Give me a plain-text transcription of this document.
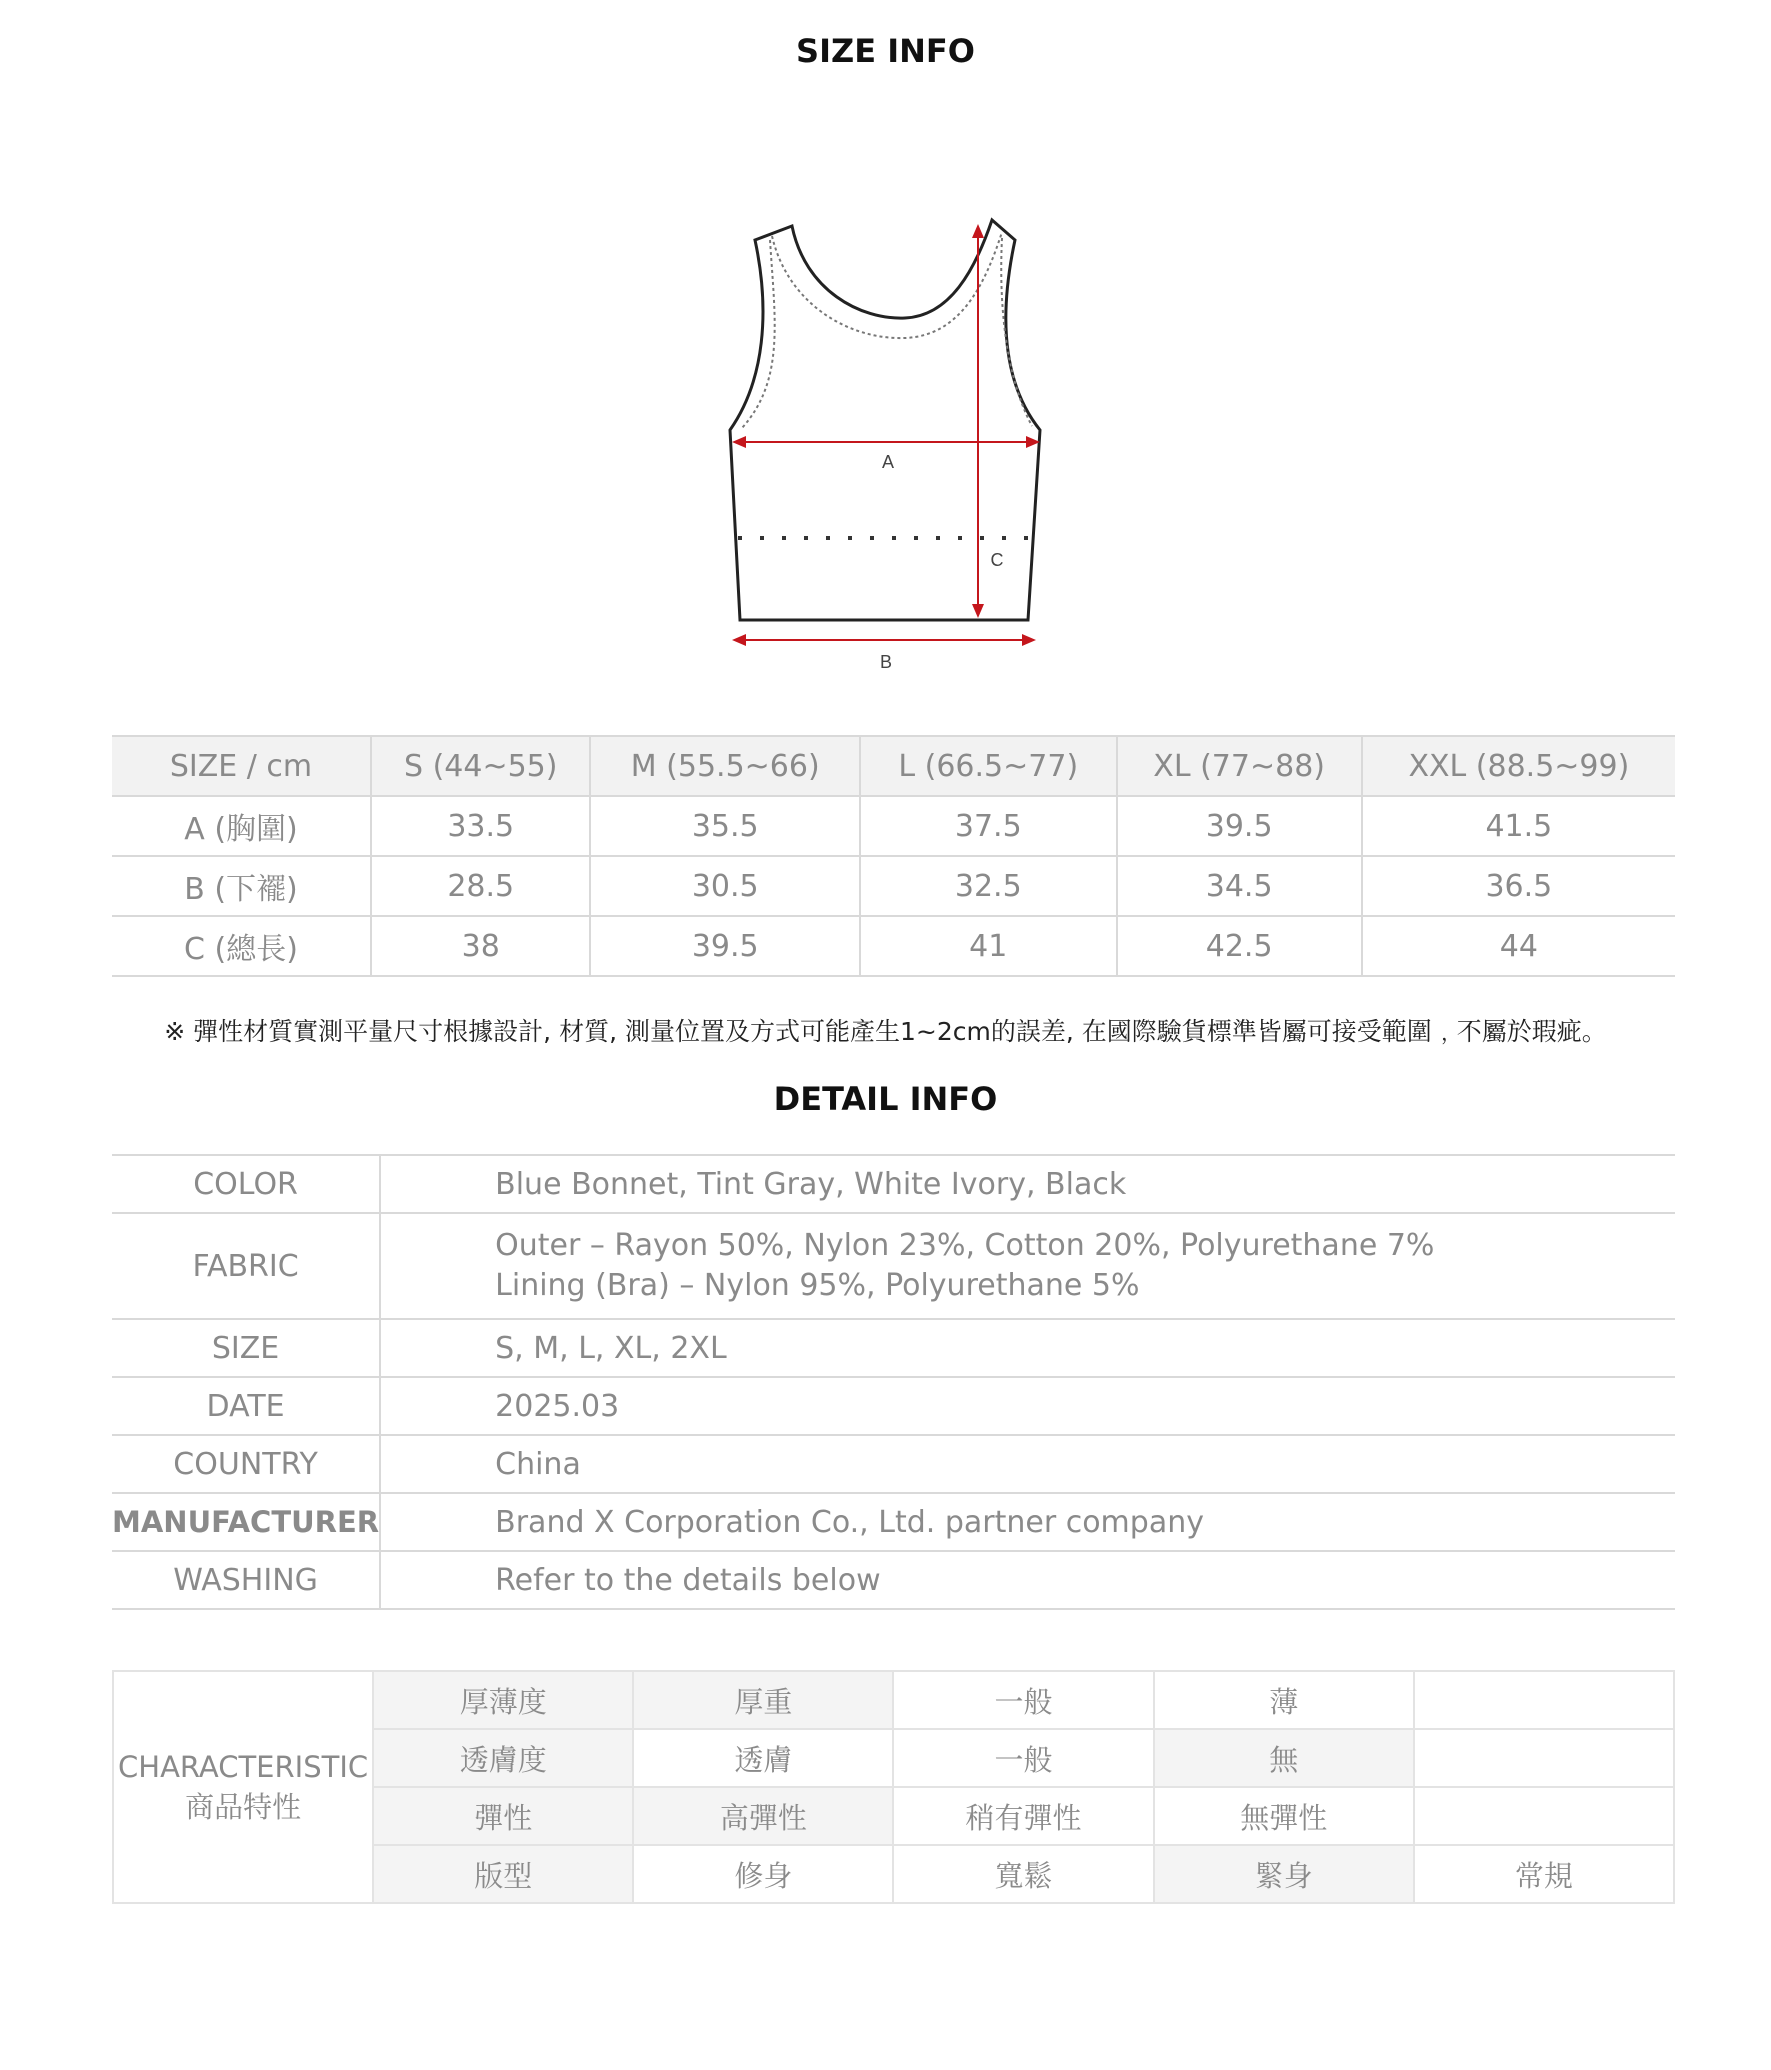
SIZE INFO
A
C
B
SIZE / cm	S (44~55)	M (55.5~66)	L (66.5~77)	XL (77~88)	XXL (88.5~99)
A (胸圍)	33.5	35.5	37.5	39.5	41.5
B (下襬)	28.5	30.5	32.5	34.5	36.5
C (總長)	38	39.5	41	42.5	44
※ 彈性材質實測平量尺寸根據設計, 材質, 測量位置及方式可能產生1~2cm的誤差, 在國際驗貨標準皆屬可接受範圍﹐不屬於瑕疵。
DETAIL INFO
COLOR	Blue Bonnet, Tint Gray, White Ivory, Black
FABRIC	Outer – Rayon 50%, Nylon 23%, Cotton 20%, Polyurethane 7%
Lining (Bra) – Nylon 95%, Polyurethane 5%

SIZE	S, M, L, XL, 2XL
DATE	2025.03
COUNTRY	China
MANUFACTURER	Brand X Corporation Co., Ltd. partner company
WASHING	Refer to the details below
CHARACTERISTIC
商品特性	厚薄度	厚重	一般	薄	
	透膚度	透膚	一般	無	
	彈性	高彈性	稍有彈性	無彈性	
	版型	修身	寬鬆	緊身	常規
